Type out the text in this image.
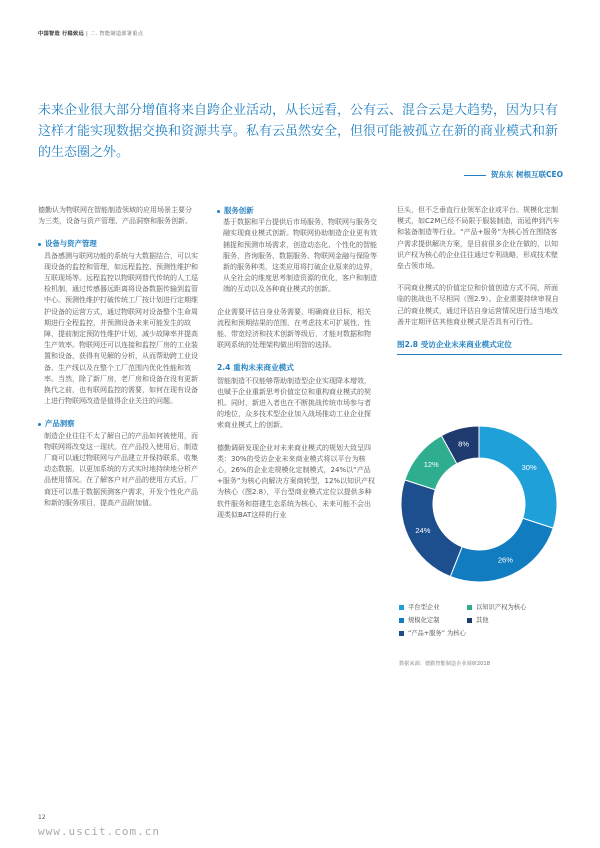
中国智造 行稳致远 | 二. 智能制造部署重点
未来企业很大部分增值将来自跨企业活动，从长远看，公有云、混合云是大趋势，因为只有这样才能实现数据交换和资源共享。私有云虽然安全，但很可能被孤立在新的商业模式和新的生态圈之外。
贺东东 树根互联CEO

德勤认为物联网在智能制造领域的应用场景主要分为三类，设备与资产管理、产品洞察和服务创新。

设备与资产管理

具备感测与联网功能的系统与大数据结合，可以实现设备的监控和管理，如远程监控、预测性维护和互联现场等。远程监控以物联网替代传统的人工巡检机制，通过传感器远距离将设备数据传输到监管中心。预测性维护打破传统工厂按计划进行定期维护设备的运营方式，通过物联网对设备整个生命周期进行全程监控，并预测设备未来可能发生的故障，提前制定预防性维护计划，减少故障率并提高生产效率。物联网还可以连接和监控厂房的工业装置和设备，获得有见解的分析，从而帮助跨工业设备、生产线以及在整个工厂范围内优化性能和效率。当然，除了新厂房，老厂房和设备在没有更新换代之前，也有联网监控的需要，如何在现有设备上进行物联网改造是值得企业关注的问题。

产品洞察

制造企业往往不太了解自己的产品如何被使用，而物联网将改变这一现状。在产品投入使用后，制造厂商可以通过物联网与产品建立并保持联系，收集动态数据，以更加系统的方式实时地持续地分析产品使用情况。在了解客户对产品的使用方式后，厂商还可以基于数据预测客户需求，开发个性化产品和新的服务项目，提高产品附加值。

服务创新

基于数据和平台提供后市场服务，物联网与服务交融实现商业模式创新。物联网协助制造企业更有效捕捉和预测市场需求，创造动态化、个性化的智能服务，咨询服务、数据服务、物联网金融与保险等新的服务种类，这类应用将打破企业原来的边界，从全社会的维度思考制造资源的优化，客户和制造端的互动以及各种商业模式的创新。

企业需要评估自身业务需要，明确商业目标，相关流程和预期结果的范围，在考虑技术可扩展性、性能、带宽经济和技术创新等级后，才能对数据和物联网系统的处理架构做出明智的选择。

2.4 重构未来商业模式

智能制造不仅能够帮助制造型企业实现降本增效，也赋予企业重新思考价值定位和重构商业模式的契机。同时，新进入者也在不断挑战传统市场参与者的地位，众多技术型企业加入战场推动工业企业探索商业模式上的创新。

德勤调研发现企业对未来商业模式的规划大致呈四类：30%的受访企业未来商业模式将以平台为核心，26%的企业走规模化定制模式，24%以“产品+服务”为核心向解决方案商转型，12%以知识产权为核心（图2.8），平台型商业模式定位以提供多种软件服务和搭建生态系统为核心，未来可能不会出现类似BAT这样的行业

巨头，但不乏垂直行业领军企业或平台。规模化定制模式，如C2M已经不局限于服装制造，而延伸到汽车和装备制造等行业。“产品+服务”为核心旨在围绕客户需求提供解决方案，是目前很多企业在做的，以知识产权为核心的企业往往通过专利战略，形成技术壁垒占领市场。

不同商业模式的价值定位和价值创造方式不同，所面临的挑战也不尽相同（图2.9）。企业需要持续审视自己的商业模式，通过评估自身运营情况进行适当地改善并定期评估其他商业模式是否具有可行性。

图2.8 受访企业未来商业模式定位
30%
26%
24%
12%
8%
平台型企业	以知识产权为核心
规模化定制	其他
“产品+服务” 为核心
数据来源：德勤智能制造企业调研2018
12
www.uscit.com.cn
